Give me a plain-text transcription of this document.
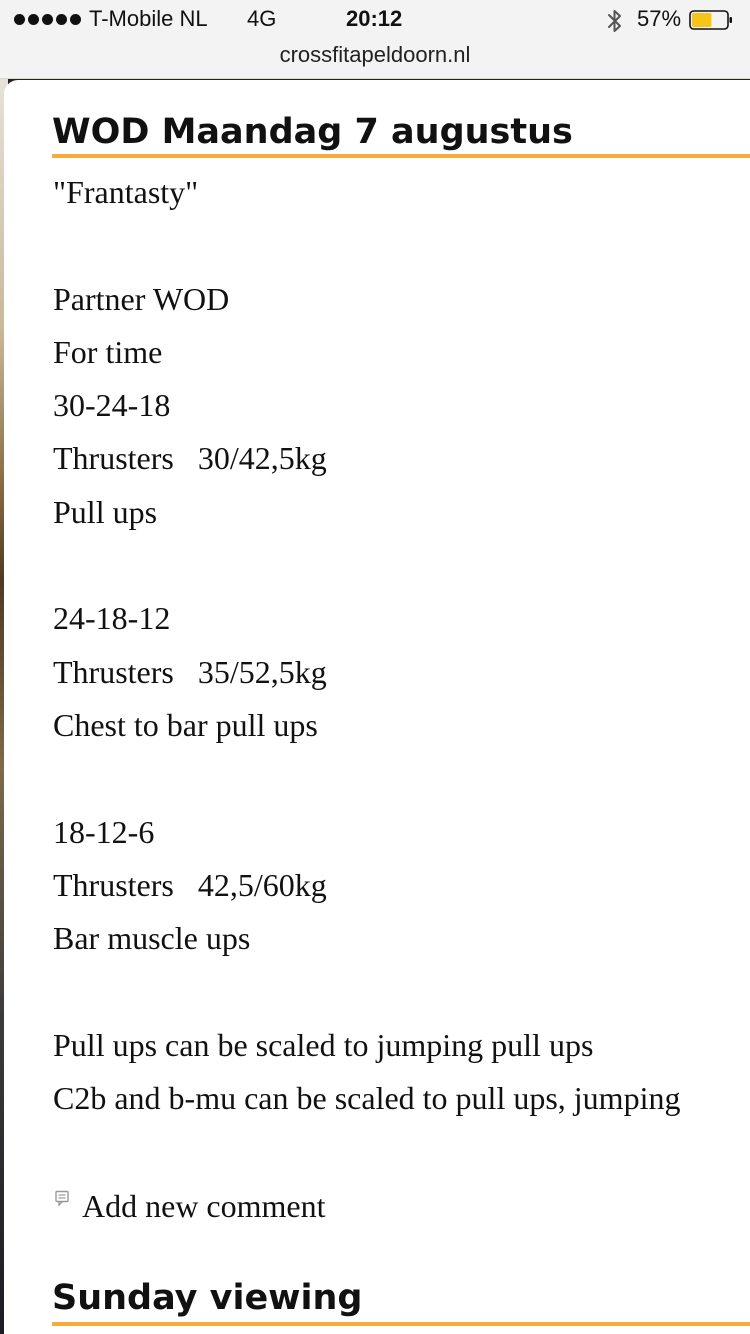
T-Mobile NL 4G	20:12	57%
crossfitapeldoorn.nl
WOD Maandag 7 augustus
"Frantasty"
Partner WOD
For time
30-24-18
Thrusters   30/42,5kg
Pull ups
24-18-12
Thrusters   35/52,5kg
Chest to bar pull ups
18-12-6
Thrusters   42,5/60kg
Bar muscle ups
Pull ups can be scaled to jumping pull ups
C2b and b-mu can be scaled to pull ups, jumping
Add new comment
Sunday viewing
